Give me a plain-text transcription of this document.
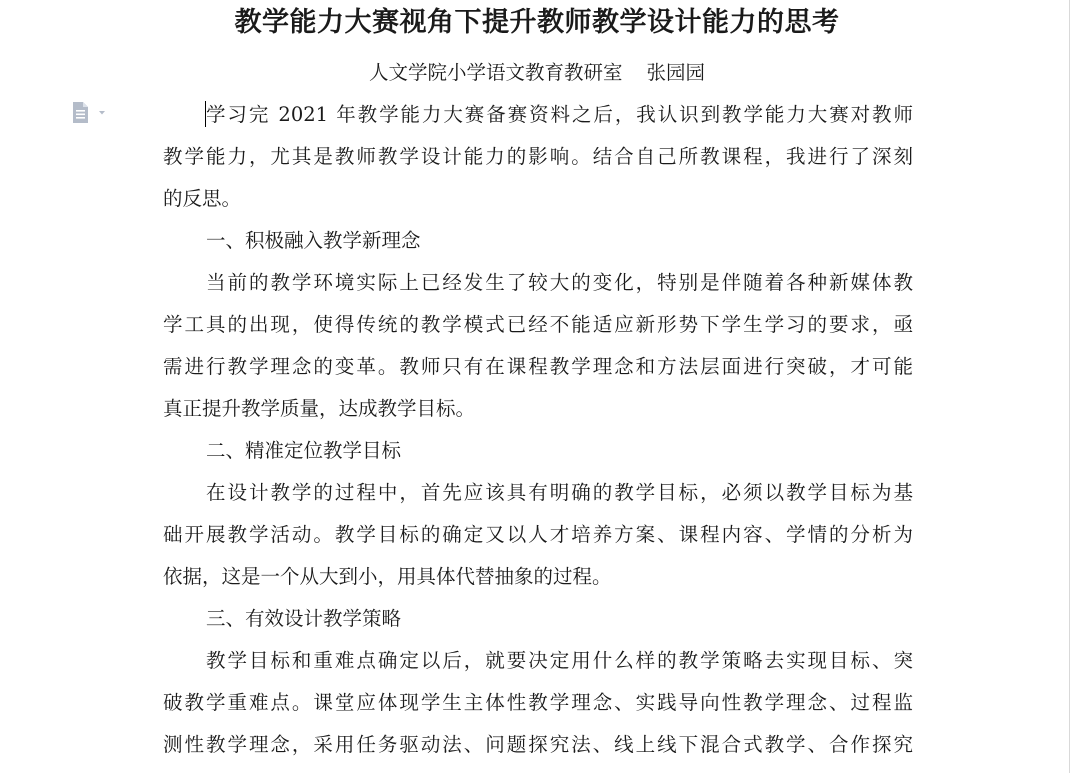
教学能力大赛视角下提升教师教学设计能力的思考
人文学院小学语文教育教研室 张园园
学习完 2021 年教学能力大赛备赛资料之后，我认识到教学能力大赛对教师
教学能力，尤其是教师教学设计能力的影响。结合自己所教课程，我进行了深刻
的反思。
一、积极融入教学新理念
当前的教学环境实际上已经发生了较大的变化，特别是伴随着各种新媒体教
学工具的出现，使得传统的教学模式已经不能适应新形势下学生学习的要求，亟
需进行教学理念的变革。教师只有在课程教学理念和方法层面进行突破，才可能
真正提升教学质量，达成教学目标。
二、精准定位教学目标
在设计教学的过程中，首先应该具有明确的教学目标，必须以教学目标为基
础开展教学活动。教学目标的确定又以人才培养方案、课程内容、学情的分析为
依据，这是一个从大到小，用具体代替抽象的过程。
三、有效设计教学策略
教学目标和重难点确定以后，就要决定用什么样的教学策略去实现目标、突
破教学重难点。课堂应体现学生主体性教学理念、实践导向性教学理念、过程监
测性教学理念，采用任务驱动法、问题探究法、线上线下混合式教学、合作探究
